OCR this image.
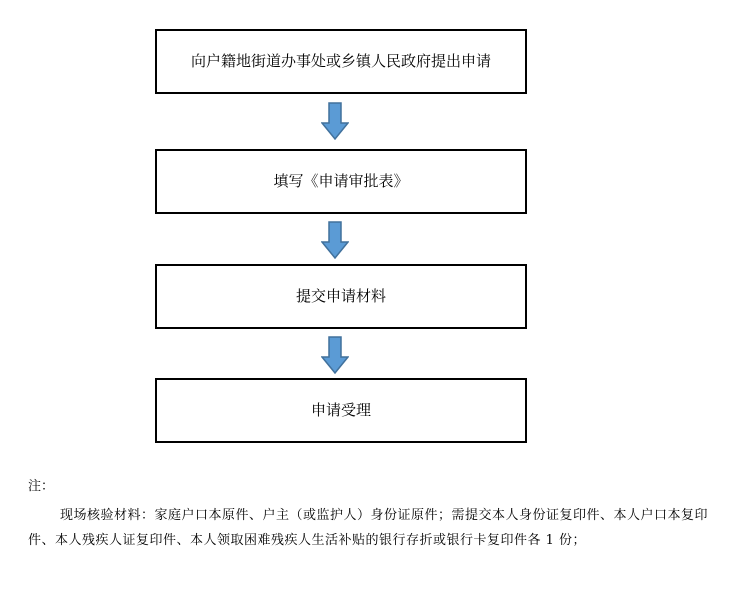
向户籍地街道办事处或乡镇人民政府提出申请
填写《申请审批表》
提交申请材料
申请受理
注：
现场核验材料：家庭户口本原件、户主（或监护人）身份证原件；需提交本人身份证复印件、本人户口本复印件、本人残疾人证复印件、本人领取困难残疾人生活补贴的银行存折或银行卡复印件各 1 份；
